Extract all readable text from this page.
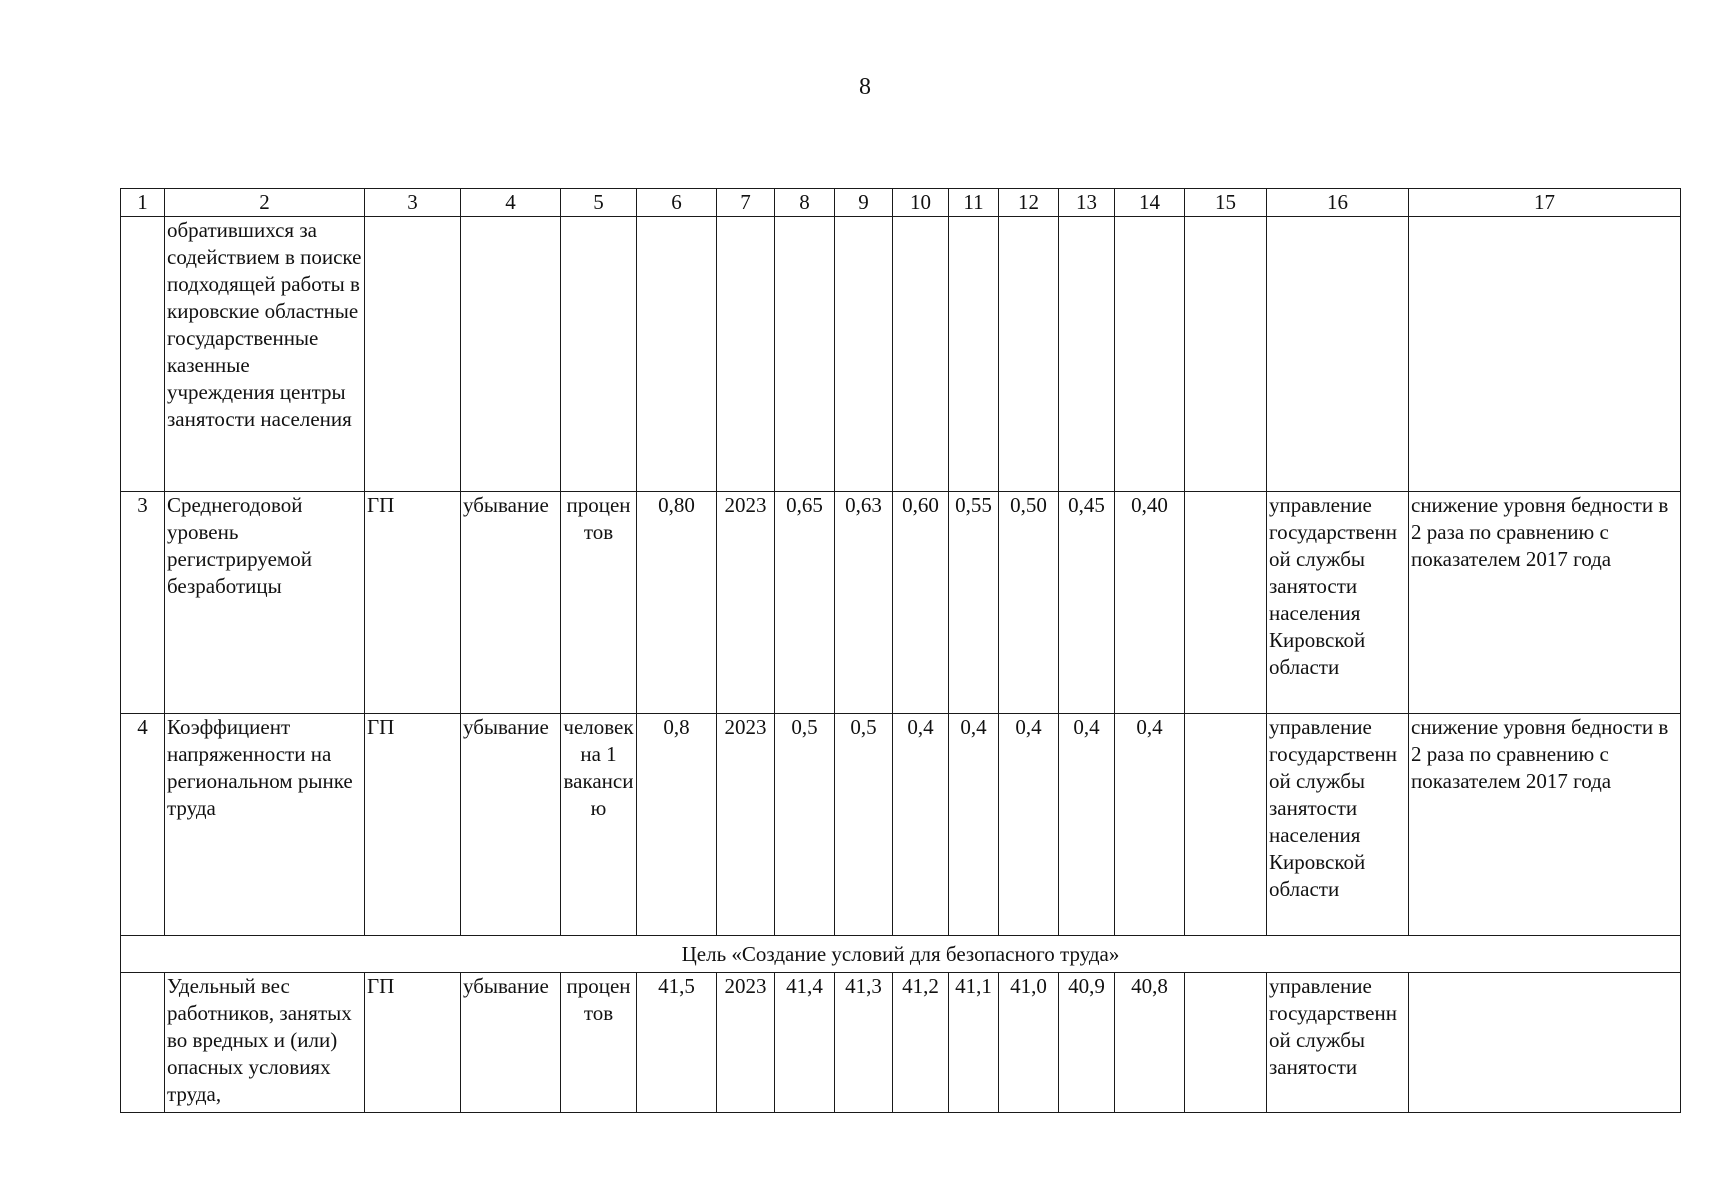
8
1	2	3	4	5	6	7	8	9	10	11	12	13	14	15	16	17
	обратившихся за содействием в поиске подходящей работы в кировские областные государственные казенные учреждения центры занятости населения															
3	Среднегодовой уровень регистрируемой безработицы	ГП	убывание	процентов	0,80	2023	0,65	0,63	0,60	0,55	0,50	0,45	0,40		управление государственной службы занятости населения Кировской области	снижение уровня бедности в 2 раза по сравнению с показателем 2017 года
4	Коэффициент напряженности на региональном рынке труда	ГП	убывание	человек на 1 вакансию	0,8	2023	0,5	0,5	0,4	0,4	0,4	0,4	0,4		управление государственной службы занятости населения Кировской области	снижение уровня бедности в 2 раза по сравнению с показателем 2017 года
Цель «Создание условий для безопасного труда»																
	Удельный вес работников, занятых во вредных и (или) опасных условиях труда,	ГП	убывание	процентов	41,5	2023	41,4	41,3	41,2	41,1	41,0	40,9	40,8		управление государственной службы занятости	
